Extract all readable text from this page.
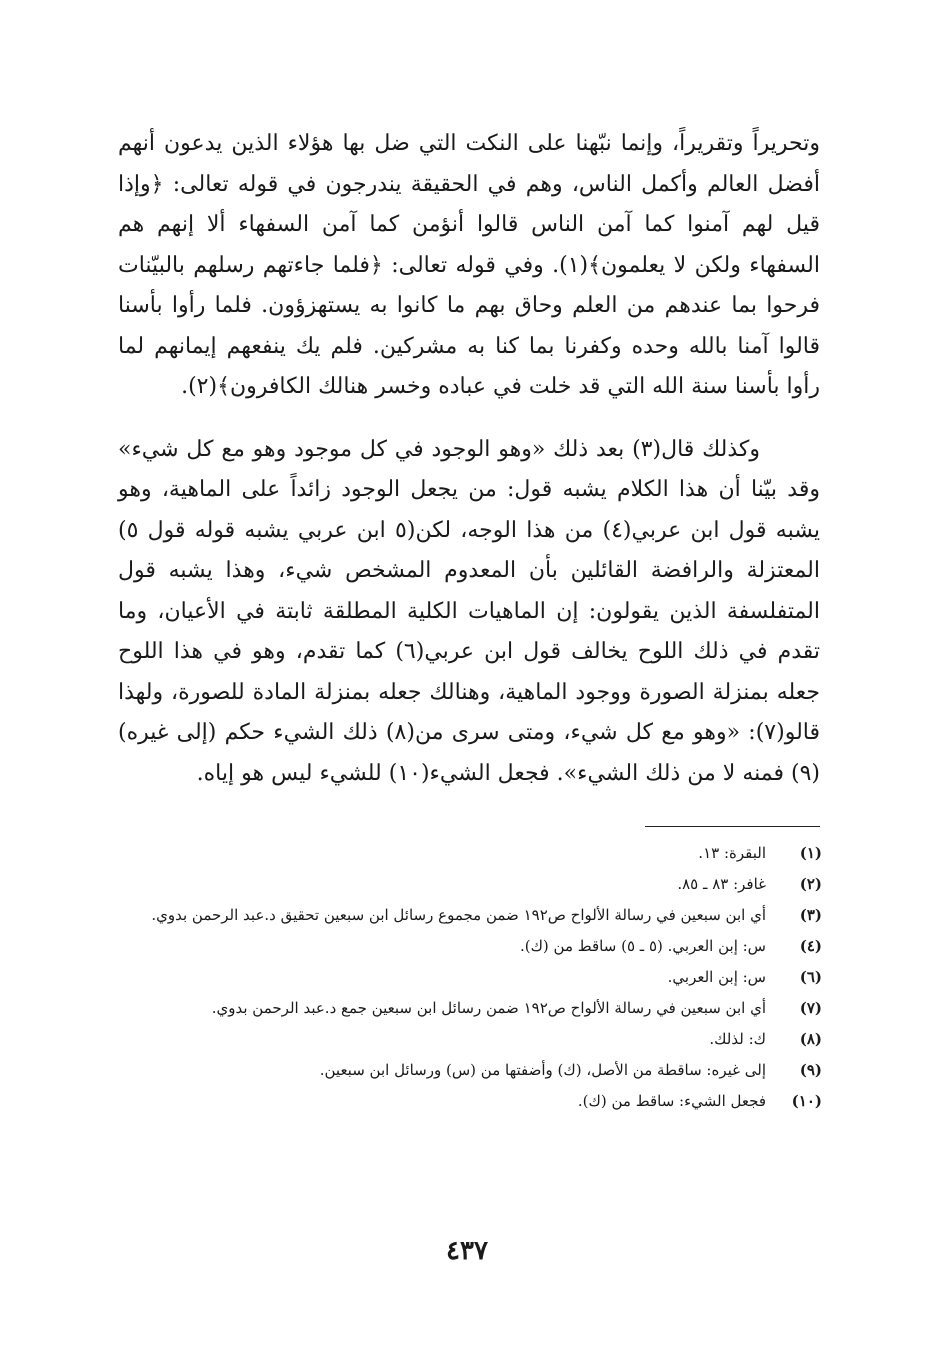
وتحريراً وتقريراً، وإنما نبّهنا على النكت التي ضل بها هؤلاء الذين يدعون أنهم أفضل العالم وأكمل الناس، وهم في الحقيقة يندرجون في قوله تعالى: ﴿وإذا قيل لهم آمنوا كما آمن الناس قالوا أنؤمن كما آمن السفهاء ألا إنهم هم السفهاء ولكن لا يعلمون﴾(١). وفي قوله تعالى: ﴿فلما جاءتهم رسلهم بالبيّنات فرحوا بما عندهم من العلم وحاق بهم ما كانوا به يستهزؤون. فلما رأوا بأسنا قالوا آمنا بالله وحده وكفرنا بما كنا به مشركين. فلم يك ينفعهم إيمانهم لما رأوا بأسنا سنة الله التي قد خلت في عباده وخسر هنالك الكافرون﴾(٢).

وكذلك قال(٣) بعد ذلك «وهو الوجود في كل موجود وهو مع كل شيء» وقد بيّنا أن هذا الكلام يشبه قول: من يجعل الوجود زائداً على الماهية، وهو يشبه قول ابن عربي(٤) من هذا الوجه، لكن(٥ ابن عربي يشبه قوله قول ٥) المعتزلة والرافضة القائلين بأن المعدوم المشخص شيء، وهذا يشبه قول المتفلسفة الذين يقولون: إن الماهيات الكلية المطلقة ثابتة في الأعيان، وما تقدم في ذلك اللوح يخالف قول ابن عربي(٦) كما تقدم، وهو في هذا اللوح جعله بمنزلة الصورة ووجود الماهية، وهنالك جعله بمنزلة المادة للصورة، ولهذا قالو(٧): «وهو مع كل شيء، ومتى سرى من(٨) ذلك الشيء حكم (إلى غيره)(٩) فمنه لا من ذلك الشيء». فجعل الشيء(١٠) للشيء ليس هو إياه.

(١)
البقرة: ١٣.
(٢)
غافر: ٨٣ ـ ٨٥.
(٣)
أي ابن سبعين في رسالة الألواح ص١٩٢ ضمن مجموع رسائل ابن سبعين تحقيق د.عبد الرحمن بدوي.
(٤)
س: إبن العربي. (٥ ـ ٥) ساقط من (ك).
(٦)
س: إبن العربي.
(٧)
أي ابن سبعين في رسالة الألواح ص١٩٢ ضمن رسائل ابن سبعين جمع د.عبد الرحمن بدوي.
(٨)
ك: لذلك.
(٩)
إلى غيره: ساقطة من الأصل، (ك) وأضفتها من (س) ورسائل ابن سبعين.
(١٠)
فجعل الشيء: ساقط من (ك).
٤٣٧
